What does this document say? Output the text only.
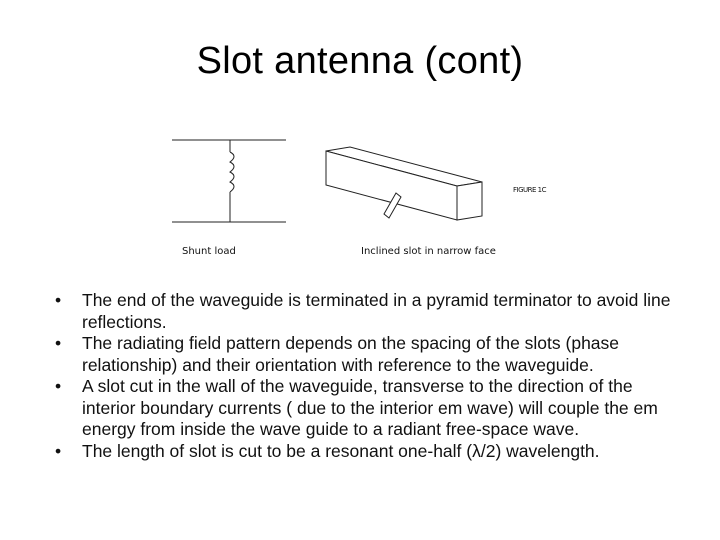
Slot antenna (cont)
Shunt load	Inclined slot in narrow face
FIGURE 1C
• The end of the waveguide is terminated in a pyramid terminator to avoid line reflections.
• The radiating field pattern depends on the spacing of the slots (phase relationship) and their orientation with reference to the waveguide.
• A slot cut in the wall of the waveguide, transverse to the direction of the interior boundary currents ( due to the interior em wave) will couple the em energy from inside the wave guide to a radiant free-space wave.
• The length of slot is cut to be a resonant one-half (λ/2) wavelength.
